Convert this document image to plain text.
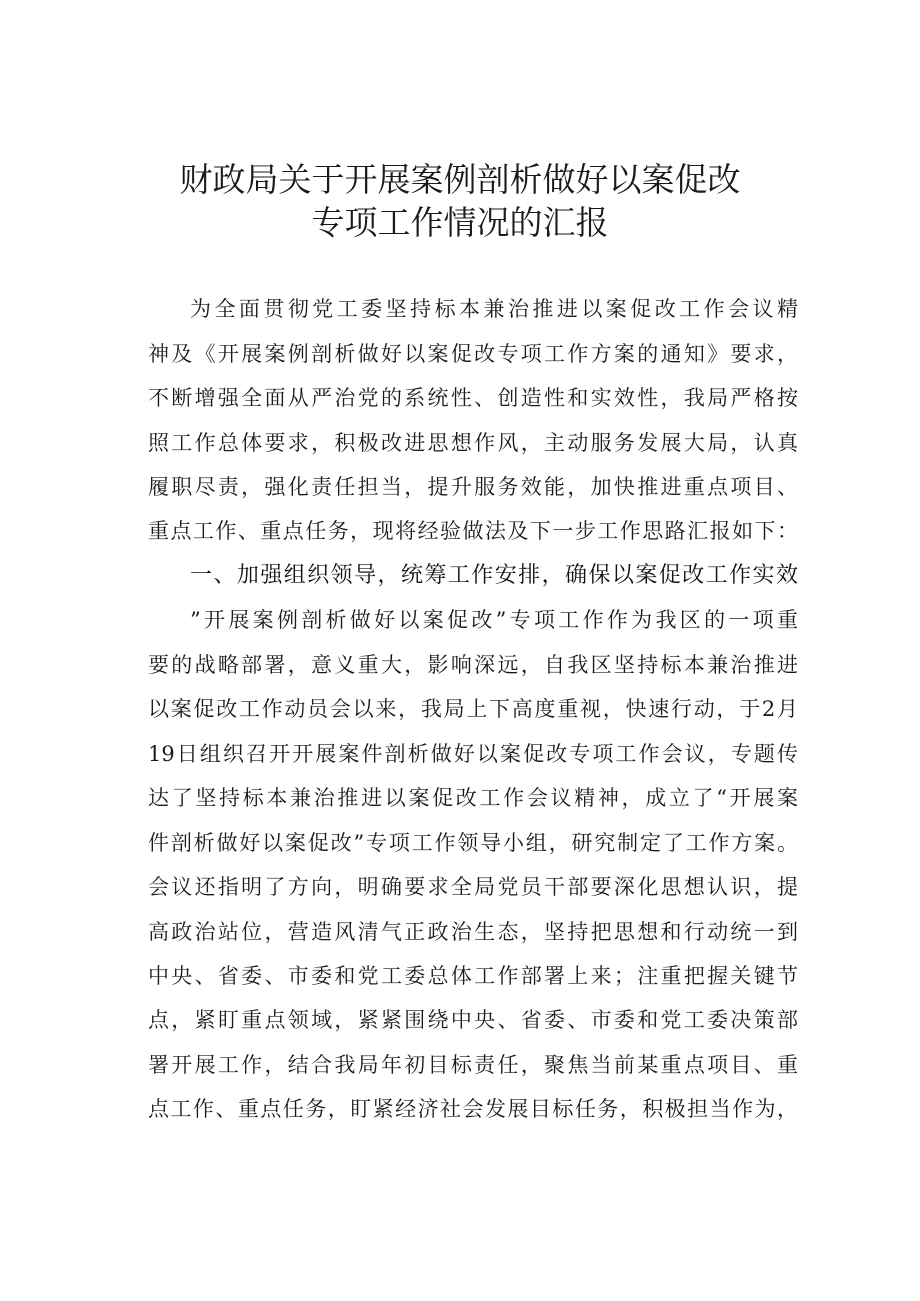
财政局关于开展案例剖析做好以案促改
专项工作情况的汇报
为全面贯彻党工委坚持标本兼治推进以案促改工作会议精
神及《开展案例剖析做好以案促改专项工作方案的通知》要求，
不断增强全面从严治党的系统性、创造性和实效性，我局严格按
照工作总体要求，积极改进思想作风，主动服务发展大局，认真
履职尽责，强化责任担当，提升服务效能，加快推进重点项目、
重点工作、重点任务，现将经验做法及下一步工作思路汇报如下：
一、加强组织领导，统筹工作安排，确保以案促改工作实效
”开展案例剖析做好以案促改”专项工作作为我区的一项重
要的战略部署，意义重大，影响深远，自我区坚持标本兼治推进
以案促改工作动员会以来，我局上下高度重视，快速行动，于2月
19日组织召开开展案件剖析做好以案促改专项工作会议，专题传
达了坚持标本兼治推进以案促改工作会议精神，成立了“开展案
件剖析做好以案促改”专项工作领导小组，研究制定了工作方案。
会议还指明了方向，明确要求全局党员干部要深化思想认识，提
高政治站位，营造风清气正政治生态，坚持把思想和行动统一到
中央、省委、市委和党工委总体工作部署上来；注重把握关键节
点，紧盯重点领域，紧紧围绕中央、省委、市委和党工委决策部
署开展工作，结合我局年初目标责任，聚焦当前某重点项目、重
点工作、重点任务，盯紧经济社会发展目标任务，积极担当作为，
